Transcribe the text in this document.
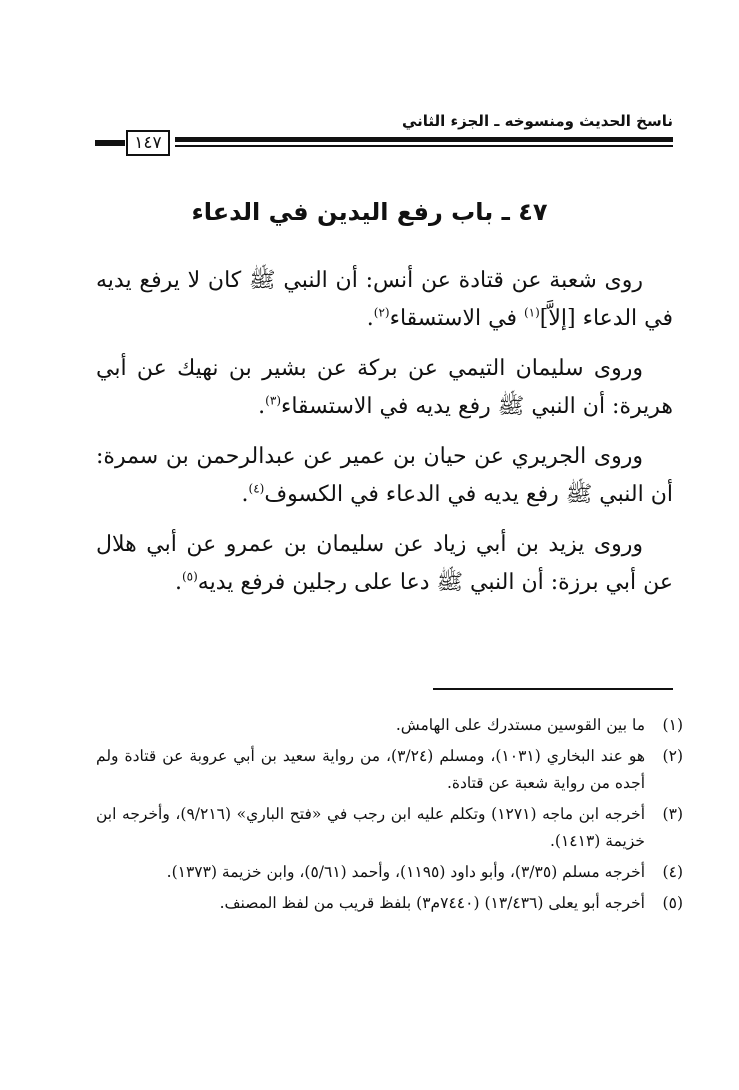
ناسخ الحديث ومنسوخه ـ الجزء الثاني
١٤٧
٤٧ ـ باب رفع اليدين في الدعاء

روى شعبة عن قتادة عن أنس: أن النبي ﷺ كان لا يرفع يديه في الدعاء [إلاَّ]$^{(١)}$ في الاستسقاء$^{(٢)}$.

وروى سليمان التيمي عن بركة عن بشير بن نهيك عن أبي هريرة: أن النبي ﷺ رفع يديه في الاستسقاء$^{(٣)}$.

وروى الجريري عن حيان بن عمير عن عبدالرحمن بن سمرة: أن النبي ﷺ رفع يديه في الدعاء في الكسوف$^{(٤)}$.

وروى يزيد بن أبي زياد عن سليمان بن عمرو عن أبي هلال عن أبي برزة: أن النبي ﷺ دعا على رجلين فرفع يديه$^{(٥)}$.

(١)
ما بين القوسين مستدرك على الهامش.
(٢)
هو عند البخاري (١٠٣١)، ومسلم (٣/٢٤)، من رواية سعيد بن أبي عروبة عن قتادة ولم أجده من رواية شعبة عن قتادة.
(٣)
أخرجه ابن ماجه (١٢٧١) وتكلم عليه ابن رجب في «فتح الباري» (٩/٢١٦)، وأخرجه ابن خزيمة (١٤١٣).
(٤)
أخرجه مسلم (٣/٣٥)، وأبو داود (١١٩٥)، وأحمد (٥/٦١)، وابن خزيمة (١٣٧٣).
(٥)
أخرجه أبو يعلى (١٣/٤٣٦) (٧٤٤٠م٣) بلفظ قريب من لفظ المصنف.
